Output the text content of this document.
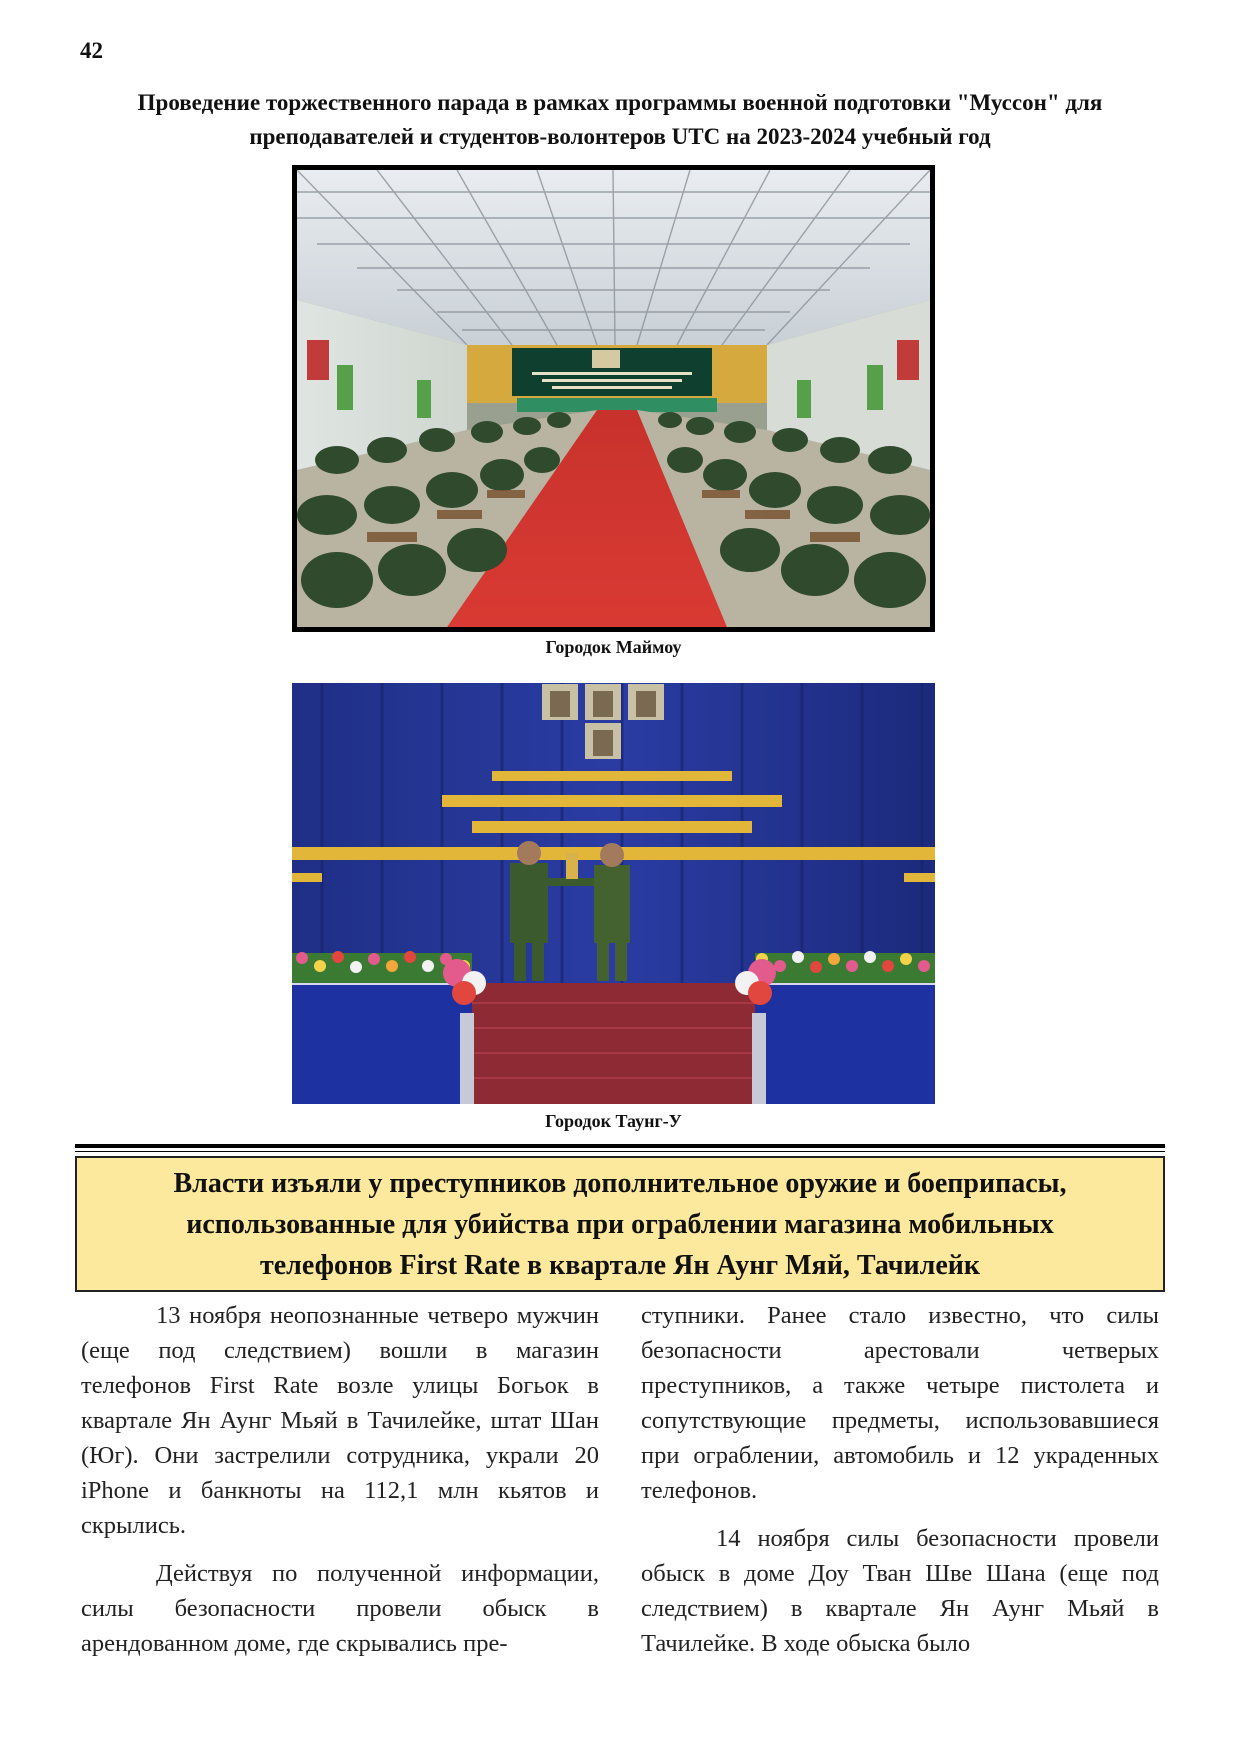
42
Проведение торжественного парада в рамках программы военной подготовки "Муссон" для преподавателей и студентов-волонтеров UTC на 2023-2024 учебный год
Городок Маймоу
Городок Таунг-У
Власти изъяли у преступников дополнительное оружие и боеприпасы, использованные для убийства при ограблении магазина мобильных телефонов First Rate в квартале Ян Аунг Мяй, Тачилейк

13 ноября неопознанные четверо мужчин (еще под следствием) вошли в магазин телефонов First Rate возле улицы Богьок в квартале Ян Аунг Мьяй в Тачилейке, штат Шан (Юг). Они застрелили сотрудника, украли 20 iPhone и банкноты на 112,1 млн кьятов и скрылись.

Действуя по полученной информации, силы безопасности провели обыск в арендованном доме, где скрывались пре-

ступники. Ранее стало известно, что силы безопасности арестовали четверых преступников, а также четыре пистолета и сопутствующие предметы, использовавшиеся при ограблении, автомобиль и 12 украденных телефонов.

14 ноября силы безопасности провели обыск в доме Доу Тван Шве Шана (еще под следствием) в квартале Ян Аунг Мьяй в Тачилейке. В ходе обыска было
